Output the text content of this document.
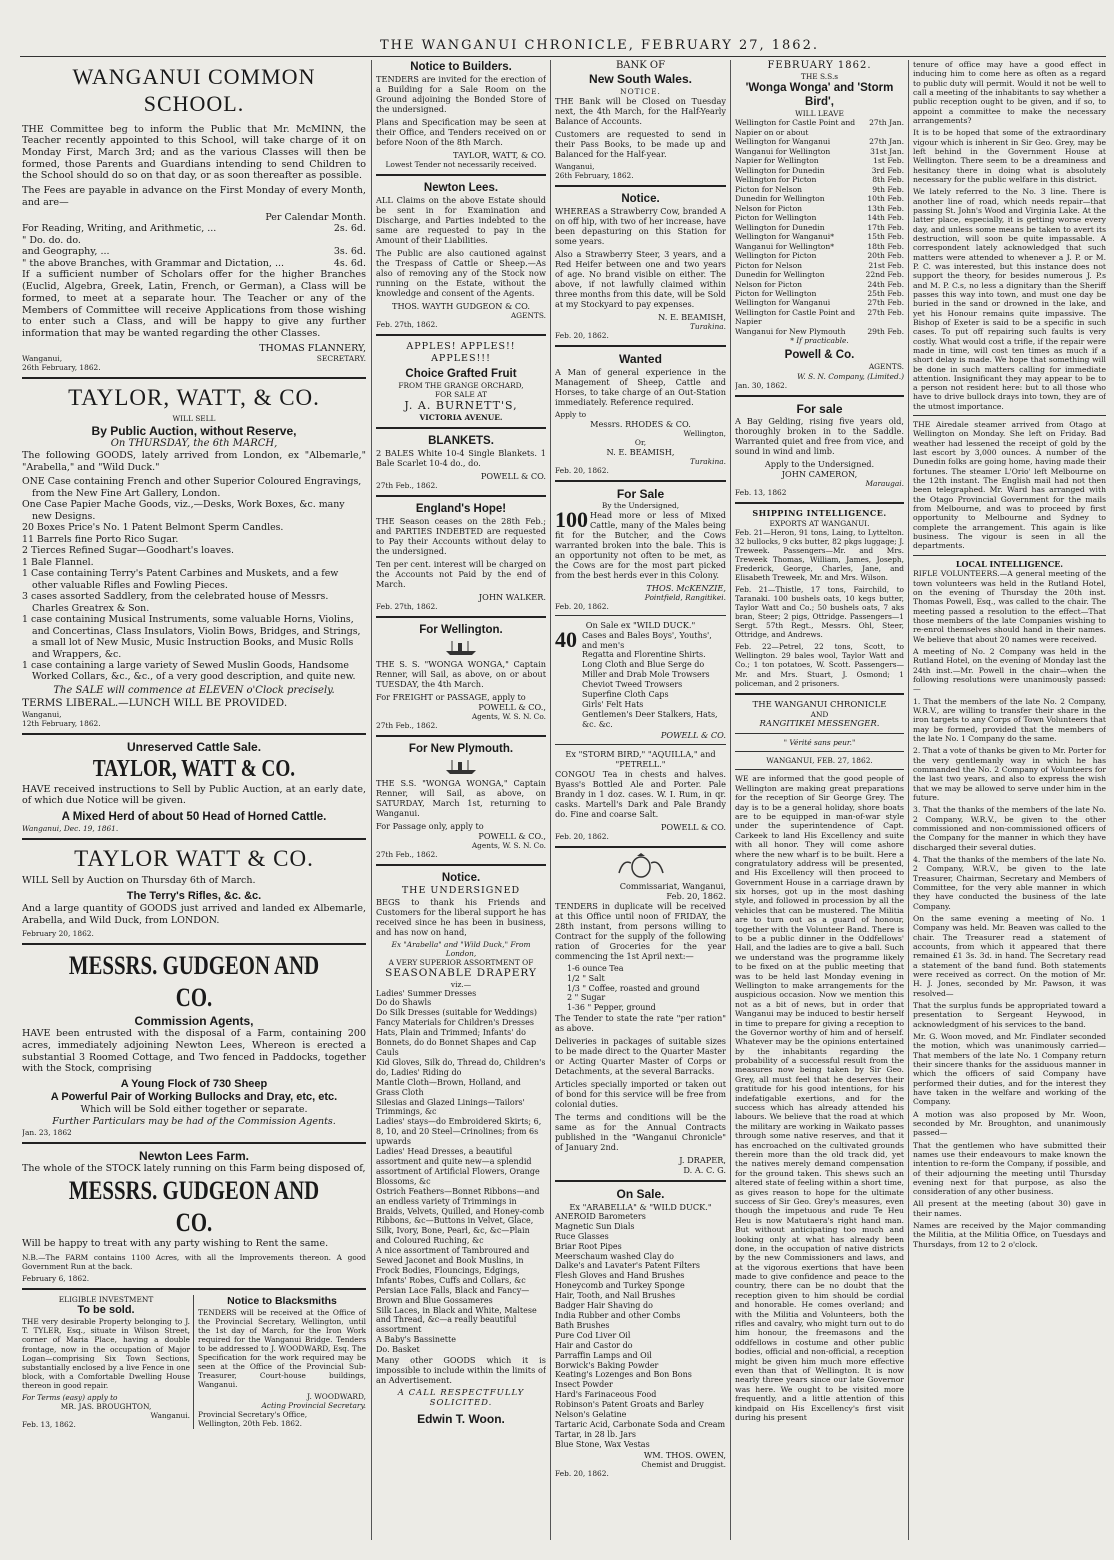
THE WANGANUI CHRONICLE, FEBRUARY 27, 1862.
WANGANUI COMMON SCHOOL.

THE Committee beg to inform the Public that Mr. McMINN, the Teacher recently appointed to this School, will take charge of it on Monday First, March 3rd; and as the various Classes will then be formed, those Parents and Guardians intending to send Children to the School should do so on that day, or as soon thereafter as possible.

The Fees are payable in advance on the First Monday of every Month, and are—

Per Calendar Month.
For Reading, Writing, and Arithmetic, ...	2s. 6d.
" Do. do. do.
and Geography, ...	3s. 6d.
" the above Branches, with Grammar and Dictation, ...	4s. 6d.

If a sufficient number of Scholars offer for the higher Branches (Euclid, Algebra, Greek, Latin, French, or German), a Class will be formed, to meet at a separate hour. The Teacher or any of the Members of Committee will receive Applications from those wishing to enter such a Class, and will be happy to give any further information that may be wanted regarding the other Classes.

THOMAS FLANNERY,
Wanganui,	SECRETARY.
26th February, 1862.
TAYLOR, WATT, & CO.
WILL SELL
By Public Auction, without Reserve,
On THURSDAY, the 6th MARCH,

The following GOODS, lately arrived from London, ex "Albemarle," "Arabella," and "Wild Duck."

ONE Case containing French and other Superior Coloured Engravings, from the New Fine Art Gallery, London.
One Case Papier Mache Goods, viz.,—Desks, Work Boxes, &c. many new Designs.
20 Boxes Price's No. 1 Patent Belmont Sperm Candles.
11 Barrels fine Porto Rico Sugar.
2 Tierces Refined Sugar—Goodhart's loaves.
1 Bale Flannel.
1 Case containing Terry's Patent Carbines and Muskets, and a few other valuable Rifles and Fowling Pieces.
3 cases assorted Saddlery, from the celebrated house of Messrs. Charles Greatrex & Son.
1 case containing Musical Instruments, some valuable Horns, Violins, and Concertinas, Class Insulators, Violin Bows, Bridges, and Strings, a small lot of New Music, Music Instruction Books, and Music Rolls and Wrappers, &c.
1 case containing a large variety of Sewed Muslin Goods, Handsome Worked Collars, &c., &c., of a very good description, and quite new.
The SALE will commence at ELEVEN o'Clock precisely.
TERMS LIBERAL.—LUNCH WILL BE PROVIDED.
Wanganui,
12th February, 1862.
Unreserved Cattle Sale.
TAYLOR, WATT & CO.

HAVE received instructions to Sell by Public Auction, at an early date, of which due Notice will be given.

A Mixed Herd of about 50 Head of Horned Cattle.
Wanganui, Dec. 19, 1861.
TAYLOR WATT & CO.

WILL Sell by Auction on Thursday 6th of March.

The Terry's Rifles, &c. &c.

And a large quantity of GOODS just arrived and landed ex Albemarle, Arabella, and Wild Duck, from LONDON.

February 20, 1862.
MESSRS. GUDGEON AND CO.
Commission Agents,

HAVE been entrusted with the disposal of a Farm, containing 200 acres, immediately adjoining Newton Lees, Whereon is erected a substantial 3 Roomed Cottage, and Two fenced in Paddocks, together with the Stock, comprising

A Young Flock of 730 Sheep
A Powerful Pair of Working Bullocks and Dray, etc, etc.
Which will be Sold either together or separate.
Further Particulars may be had of the Commission Agents.
Jan. 23, 1862
Newton Lees Farm.
The whole of the STOCK lately running on this Farm being disposed of,
MESSRS. GUDGEON AND CO.

Will be happy to treat with any party wishing to Rent the same.

N.B.—The FARM contains 1100 Acres, with all the Improvements thereon. A good Government Run at the back.

February 6, 1862.
ELIGIBLE INVESTMENT
To be sold.

THE very desirable Property belonging to J. T. TYLER, Esq., situate in Wilson Street, corner of Maria Place, having a double frontage, now in the occupation of Major Logan—comprising Six Town Sections, substantially enclosed by a live Fence in one block, with a Comfortable Dwelling House thereon in good repair.

For Terms (easy) apply to
MR. JAS. BROUGHTON,
Wanganui.
Feb. 13, 1862.
Notice to Blacksmiths

TENDERS will be received at the Office of the Provincial Secretary, Wellington, until the 1st day of March, for the Iron Work required for the Wanganui Bridge. Tenders to be addressed to J. WOODWARD, Esq. The Specification for the work required may be seen at the Office of the Provincial Sub-Treasurer, Court-house buildings, Wanganui.

J. WOODWARD,
Acting Provincial Secretary.
Provincial Secretary's Office,
Wellington, 20th Feb. 1862.
Notice to Builders.

TENDERS are invited for the erection of a Building for a Sale Room on the Ground adjoining the Bonded Store of the undersigned.

Plans and Specification may be seen at their Office, and Tenders received on or before Noon of the 8th March.

TAYLOR, WATT, & CO.
Lowest Tender not necessarily received.
Newton Lees.

ALL Claims on the above Estate should be sent in for Examination and Discharge, and Parties indebted to the same are requested to pay in the Amount of their Liabilities.

The Public are also cautioned against the Trespass of Cattle or Sheep.—As also of removing any of the Stock now running on the Estate, without the knowledge and consent of the Agents.

THOS. WAYTH GUDGEON & CO.
AGENTS.
Feb. 27th, 1862.
APPLES! APPLES!! APPLES!!!
Choice Grafted Fruit
FROM THE GRANGE ORCHARD,
FOR SALE AT
J. A. BURNETT'S,
VICTORIA AVENUE.
BLANKETS.

2 BALES White 10-4 Single Blankets. 1 Bale Scarlet 10-4 do., do.

POWELL & CO.
27th Feb., 1862.
England's Hope!

THE Season ceases on the 28th Feb.; and PARTIES INDEBTED are requested to Pay their Accounts without delay to the undersigned.

Ten per cent. interest will be charged on the Accounts not Paid by the end of March.

JOHN WALKER.
Feb. 27th, 1862.
For Wellington.

THE S. S. "WONGA WONGA," Captain Renner, will Sail, as above, on or about TUESDAY, the 4th March.

For FREIGHT or PASSAGE, apply to
POWELL & CO.,
Agents, W. S. N. Co.
27th Feb., 1862.
For New Plymouth.

THE S.S. "WONGA WONGA," Captain Renner, will Sail, as above, on SATURDAY, March 1st, returning to Wanganui.

For Passage only, apply to
POWELL & CO.,
Agents, W. S. N. Co.
27th Feb., 1862.
Notice.
THE UNDERSIGNED

BEGS to thank his Friends and Customers for the liberal support he has received since he has been in business, and has now on hand,

Ex "Arabella" and "Wild Duck," From London,
A VERY SUPERIOR ASSORTMENT OF
SEASONABLE DRAPERY
viz.—
Ladies' Summer Dresses
Do do Shawls
Do Silk Dresses (suitable for Weddings)
Fancy Materials for Children's Dresses
Hats, Plain and Trimmed; Infants' do
Bonnets, do do Bonnet Shapes and Cap Cauls
Kid Gloves, Silk do, Thread do, Children's do, Ladies' Riding do
Mantle Cloth—Brown, Holland, and Grass Cloth
Silesias and Glazed Linings—Tailors' Trimmings, &c
Ladies' stays—do Embroidered Skirts; 6, 8, 10, and 20 Steel—Crinolines; from 6s upwards
Ladies' Head Dresses, a beautiful assortment and quite new—a splendid assortment of Artificial Flowers, Orange Blossoms, &c
Ostrich Feathers—Bonnet Ribbons—and an endless variety of Trimmings in Braids, Velvets, Quilled, and Honey-comb Ribbons, &c—Buttons in Velvet, Glace, Silk, Ivory, Bone, Pearl, &c, &c—Plain and Coloured Ruching, &c
A nice assortment of Tambroured and Sewed Jaconet and Book Muslins, in Frock Bodies, Flouncings, Edgings, Infants' Robes, Cuffs and Collars, &c
Persian Lace Falls, Black and Fancy—Brown and Blue Gossameres
Silk Laces, in Black and White, Maltese and Thread, &c—a really beautiful assortment
A Baby's Bassinette
Do. Basket

Many other GOODS which it is impossible to include within the limits of an Advertisement.

A CALL RESPECTFULLY SOLICITED.
Edwin T. Woon.
BANK OF
New South Wales.
NOTICE.

THE Bank will be Closed on Tuesday next, the 4th March, for the Half-Yearly Balance of Accounts.

Customers are requested to send in their Pass Books, to be made up and Balanced for the Half-year.

Wanganui,
26th February, 1862.
Notice.

WHEREAS a Strawberry Cow, branded A on off hip, with two of her increase, have been depasturing on this Station for some years.

Also a Strawberry Steer, 3 years, and a Red Heifer between one and two years of age. No brand visible on either. The above, if not lawfully claimed within three months from this date, will be Sold at my Stockyard to pay expenses.

N. E. BEAMISH,
Turakina.
Feb. 20, 1862.
Wanted

A Man of general experience in the Management of Sheep, Cattle and Horses, to take charge of an Out-Station immediately. Reference required.

Apply to
Messrs. RHODES & CO.
Wellington,
Or,
N. E. BEAMISH,
Turakina.
Feb. 20, 1862.
For Sale
By the Undersigned,

100 Head more or less of Mixed Cattle, many of the Males being fit for the Butcher, and the Cows warranted broken into the bale. This is an opportunity not often to be met, as the Cows are for the most part picked from the best herds ever in this Colony.

THOS. McKENZIE,
Pointfield, Rangitikei.
Feb. 20, 1862.
On Sale ex "WILD DUCK."
40 Cases and Bales Boys', Youths', and men's
Regatta and Florentine Shirts.
Long Cloth and Blue Serge do
Miller and Drab Mole Trowsers
Cheviot Tweed Trowsers
Superfine Cloth Caps
Girls' Felt Hats
Gentlemen's Deer Stalkers, Hats, &c. &c.
POWELL & CO.
Ex "STORM BIRD," "AQUILLA," and "PETRELL."

CONGOU Tea in chests and halves. Byass's Bottled Ale and Porter. Pale Brandy in 1 doz. cases. W. I. Rum, in qr. casks. Martell's Dark and Pale Brandy do. Fine and coarse Salt.

POWELL & CO.
Feb. 20, 1862.
Commissariat, Wanganui,
Feb. 20, 1862.

TENDERS in duplicate will be received at this Office until noon of FRIDAY, the 28th instant, from persons willing to Contract for the supply of the following ration of Groceries for the year commencing the 1st April next:—

1-6 ounce Tea
1/2 " Salt
1/3 " Coffee, roasted and ground
2 " Sugar
1-36 " Pepper, ground

The Tender to state the rate "per ration" as above.

Deliveries in packages of suitable sizes to be made direct to the Quarter Master or Acting Quarter Master of Corps or Detachments, at the several Barracks.

Articles specially imported or taken out of bond for this service will be free from colonial duties.

The terms and conditions will be the same as for the Annual Contracts published in the "Wanganui Chronicle" of January 2nd.

J. DRAPER,
D. A. C. G.
On Sale.
Ex "ARABELLA" & "WILD DUCK."
ANEROID Barometers
Magnetic Sun Dials
Ruce Glasses
Briar Root Pipes
Meerschaum washed Clay do
Dalke's and Lavater's Patent Filters
Flesh Gloves and Hand Brushes
Honeycomb and Turkey Sponge
Hair, Tooth, and Nail Brushes
Badger Hair Shaving do
India Rubber and other Combs
Bath Brushes
Pure Cod Liver Oil
Hair and Castor do
Parraffin Lamps and Oil
Borwick's Baking Powder
Keating's Lozenges and Bon Bons
Insect Powder
Hard's Farinaceous Food
Robinson's Patent Groats and Barley
Nelson's Gelatine
Tartaric Acid, Carbonate Soda and Cream Tartar, in 28 lb. Jars
Blue Stone, Wax Vestas
WM. THOS. OWEN,
Chemist and Druggist.
Feb. 20, 1862.
FEBRUARY 1862.
THE S.S.s
'Wonga Wonga' and 'Storm Bird',
WILL LEAVE
Wellington for Castle Point and Napier on or about
27th Jan.
Wellington for Wanganui	27th Jan.
Wanganui for Wellington	31st Jan.
Napier for Wellington	1st Feb.
Wellington for Dunedin	3rd Feb.
Wellington for Picton	8th Feb.
Picton for Nelson	9th Feb.
Dunedin for Wellington	10th Feb.
Nelson for Picton	13th Feb.
Picton for Wellington	14th Feb.
Wellington for Dunedin	17th Feb.
Wellington for Wanganui*	15th Feb.
Wanganui for Wellington*	18th Feb.
Wellington for Picton	20th Feb.
Picton for Nelson	21st Feb.
Dunedin for Wellington	22nd Feb.
Nelson for Picton	24th Feb.
Picton for Wellington	25th Feb.
Wellington for Wanganui	27th Feb.
Wellington for Castle Point and Napier
27th Feb.
Wanganui for New Plymouth	29th Feb.
* If practicable.
Powell & Co.
AGENTS.
W. S. N. Company, (Limited.)
Jan. 30, 1862.
For sale

A Bay Gelding, rising five years old, thoroughly broken in to the Saddle. Warranted quiet and free from vice, and sound in wind and limb.

Apply to the Undersigned.
JOHN CAMERON,
Maraugai.
Feb. 13, 1862
SHIPPING INTELLIGENCE.
EXPORTS AT WANGANUI.

Feb. 21—Heron, 91 tons, Laing, to Lyttelton. 32 bullocks, 9 cks butter, 82 pkgs luggage; J. Treweek. Passengers—Mr. and Mrs. Treweek Thomas, William, James, Joseph, Frederick, George, Charles, Jane, and Elisabeth Treweek, Mr. and Mrs. Wilson.

Feb. 21—Thistle, 17 tons, Fairchild, to Taranaki. 100 bushels oats, 10 kegs butter, Taylor Watt and Co.; 50 bushels oats, 7 aks bran, Steer; 2 pigs, Ottridge. Passengers—1 Sergt. 57th Regt., Messrs. Ohl, Steer, Ottridge, and Andrews.

Feb. 22—Petrel, 22 tons, Scott, to Wellington. 29 bales wool, Taylor Watt and Co.; 1 ton potatoes, W. Scott. Passengers—Mr. and Mrs. Stuart, J. Osmond; 1 policeman, and 2 prisoners.

THE WANGANUI CHRONICLE
AND
RANGITIKEI MESSENGER.
" Vérité sans peur."
WANGANUI, FEB. 27, 1862.

WE are informed that the good people of Wellington are making great preparations for the reception of Sir George Grey. The day is to be a general holiday, shore boats are to be equipped in man-of-war style under the superintendence of Capt. Carkeek to land His Excellency and suite with all honor. They will come ashore where the new wharf is to be built. Here a congratulatory address will be presented, and His Excellency will then proceed to Government House in a carriage drawn by six horses, got up in the most dashing style, and followed in procession by all the vehicles that can be mustered. The Militia are to turn out as a guard of honour, together with the Volunteer Band. There is to be a public dinner in the Oddfellows' Hall, and the ladies are to give a ball. Such we understand was the programme likely to be fixed on at the public meeting that was to be held last Monday evening in Wellington to make arrangements for the auspicious occasion. Now we mention this not as a bit of news, but in order that Wanganui may be induced to bestir herself in time to prepare for giving a reception to the Governor worthy of him and of herself. Whatever may be the opinions entertained by the inhabitants regarding the probability of a successful result from the measures now being taken by Sir Geo. Grey, all must feel that he deserves their gratitude for his good intentions, for his indefatigable exertions, and for the success which has already attended his labours. We believe that the road at which the military are working in Waikato passes through some native reserves, and that it has encroached on the cultivated grounds therein more than the old track did, yet the natives merely demand compensation for the ground taken. This shews such an altered state of feeling within a short time, as gives reason to hope for the ultimate success of Sir Geo. Grey's measures, even though the impetuous and rude Te Heu Heu is now Matutaera's right hand man. But without anticipating too much and looking only at what has already been done, in the occupation of native districts by the new Commissioners and laws, and at the vigorous exertions that have been made to give confidence and peace to the country, there can be no doubt that the reception given to him should be cordial and honorable. He comes overland; and with the Militia and Volunteers, both the rifles and cavalry, who might turn out to do him honour, the freemasons and the oddfellows in costume and other public bodies, official and non-official, a reception might be given him much more effective even than that of Wellington. It is now nearly three years since our late Governor was here. We ought to be visited more frequently, and a little attention of this kindpaid on His Excellency's first visit during his present

tenure of office may have a good effect in inducing him to come here as often as a regard to public duty will permit. Would it not be well to call a meeting of the inhabitants to say whether a public reception ought to be given, and if so, to appoint a committee to make the necessary arrangements?

It is to be hoped that some of the extraordinary vigour which is inherent in Sir Geo. Grey, may be left behind in the Government House at Wellington. There seem to be a dreaminess and hesitancy there in doing what is absolutely necessary for the public welfare in this district.

We lately referred to the No. 3 line. There is another line of road, which needs repair—that passing St. John's Wood and Virginia Lake. At the latter place, especially, it is getting worse every day, and unless some means be taken to avert its destruction, will soon be quite impassable. A correspondent lately acknowledged that such matters were attended to whenever a J. P. or M. P. C. was interested, but this instance does not support the theory, for besides numerous J. P.s and M. P. C.s, no less a dignitary than the Sheriff passes this way into town, and must one day be buried in the sand or drowned in the lake, and yet his Honour remains quite impassive. The Bishop of Exeter is said to be a specific in such cases. To put off repairing such faults is very costly. What would cost a trifle, if the repair were made in time, will cost ten times as much if a short delay is made. We hope that something will be done in such matters calling for immediate attention. Insignificant they may appear to be to a person not resident here: but to all those who have to drive bullock drays into town, they are of the utmost importance.

THE Airedale steamer arrived from Otago at Wellington on Monday. She left on Friday. Bad weather had lessened the receipt of gold by the last escort by 3,000 ounces. A number of the Dunedin folks are going home, having made their fortunes. The steamer L'Orio' left Melbourne on the 12th instant. The English mail had not then been telegraphed. Mr. Ward has arranged with the Otago Provincial Government for the mails from Melbourne, and was to proceed by first opportunity to Melbourne and Sydney to complete the arrangement. This again is like business. The vigour is seen in all the departments.

LOCAL INTELLIGENCE.

RIFLE VOLUNTEERS.—A general meeting of the town volunteers was held in the Rutland Hotel, on the evening of Thursday the 20th inst. Thomas Powell, Esq., was called to the chair. The meeting passed a resolution to the effect—That those members of the late Companies wishing to re-enrol themselves should hand in their names. We believe that about 20 names were received.

A meeting of No. 2 Company was held in the Rutland Hotel, on the evening of Monday last the 24th inst.—Mr. Powell in the chair—when the following resolutions were unanimously passed:—

1. That the members of the late No. 2 Company, W.R.V., are willing to transfer their share in the iron targets to any Corps of Town Volunteers that may be formed, provided that the members of the late No. 1 Company do the same.

2. That a vote of thanks be given to Mr. Porter for the very gentlemanly way in which he has commanded the No. 2 Company of Volunteers for the last two years, and also to express the wish that we may be allowed to serve under him in the future.

3. That the thanks of the members of the late No. 2 Company, W.R.V., be given to the other commissioned and non-commissioned officers of the Company for the manner in which they have discharged their several duties.

4. That the thanks of the members of the late No. 2 Company, W.R.V., be given to the late Treasurer, Chairman, Secretary and Members of Committee, for the very able manner in which they have conducted the business of the late Company.

On the same evening a meeting of No. 1 Company was held. Mr. Beaven was called to the chair. The Treasurer read a statement of accounts, from which it appeared that there remained £1 3s. 3d. in hand. The Secretary read a statement of the band fund. Both statements were received as correct. On the motion of Mr. H. J. Jones, seconded by Mr. Pawson, it was resolved—

That the surplus funds be appropriated toward a presentation to Sergeant Heywood, in acknowledgment of his services to the band.

Mr. G. Woon moved, and Mr. Findlater seconded the motion, which was unanimously carried—That members of the late No. 1 Company return their sincere thanks for the assiduous manner in which the officers of said Company have performed their duties, and for the interest they have taken in the welfare and working of the Company.

A motion was also proposed by Mr. Woon, seconded by Mr. Broughton, and unanimously passed—

That the gentlemen who have submitted their names use their endeavours to make known the intention to re-form the Company, if possible, and of their adjourning the meeting until Thursday evening next for that purpose, as also the consideration of any other business.

All present at the meeting (about 30) gave in their names.

Names are received by the Major commanding the Militia, at the Militia Office, on Tuesdays and Thursdays, from 12 to 2 o'clock.
